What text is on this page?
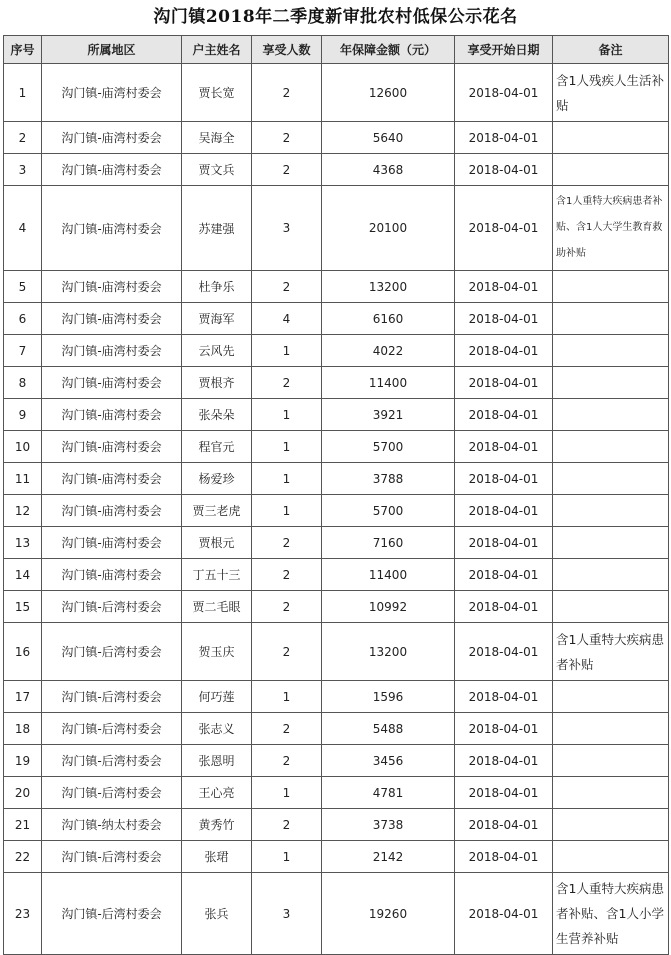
沟门镇2018年二季度新审批农村低保公示花名
序号	所属地区	户主姓名	享受人数	年保障金额（元）	享受开始日期	备注
1	沟门镇-庙湾村委会	贾长宽	2	12600	2018-04-01	含1人残疾人生活补贴
2	沟门镇-庙湾村委会	吴海全	2	5640	2018-04-01	
3	沟门镇-庙湾村委会	贾文兵	2	4368	2018-04-01	
4	沟门镇-庙湾村委会	苏建强	3	20100	2018-04-01	含1人重特大疾病患者补贴、含1人大学生教育救助补贴
5	沟门镇-庙湾村委会	杜争乐	2	13200	2018-04-01	
6	沟门镇-庙湾村委会	贾海军	4	6160	2018-04-01	
7	沟门镇-庙湾村委会	云风先	1	4022	2018-04-01	
8	沟门镇-庙湾村委会	贾根齐	2	11400	2018-04-01	
9	沟门镇-庙湾村委会	张朵朵	1	3921	2018-04-01	
10	沟门镇-庙湾村委会	程官元	1	5700	2018-04-01	
11	沟门镇-庙湾村委会	杨爱珍	1	3788	2018-04-01	
12	沟门镇-庙湾村委会	贾三老虎	1	5700	2018-04-01	
13	沟门镇-庙湾村委会	贾根元	2	7160	2018-04-01	
14	沟门镇-庙湾村委会	丁五十三	2	11400	2018-04-01	
15	沟门镇-后湾村委会	贾二毛眼	2	10992	2018-04-01	
16	沟门镇-后湾村委会	贺玉庆	2	13200	2018-04-01	含1人重特大疾病患者补贴
17	沟门镇-后湾村委会	何巧莲	1	1596	2018-04-01	
18	沟门镇-后湾村委会	张志义	2	5488	2018-04-01	
19	沟门镇-后湾村委会	张恩明	2	3456	2018-04-01	
20	沟门镇-后湾村委会	王心亮	1	4781	2018-04-01	
21	沟门镇-纳太村委会	黄秀竹	2	3738	2018-04-01	
22	沟门镇-后湾村委会	张珺	1	2142	2018-04-01	
23	沟门镇-后湾村委会	张兵	3	19260	2018-04-01	含1人重特大疾病患者补贴、含1人小学生营养补贴
